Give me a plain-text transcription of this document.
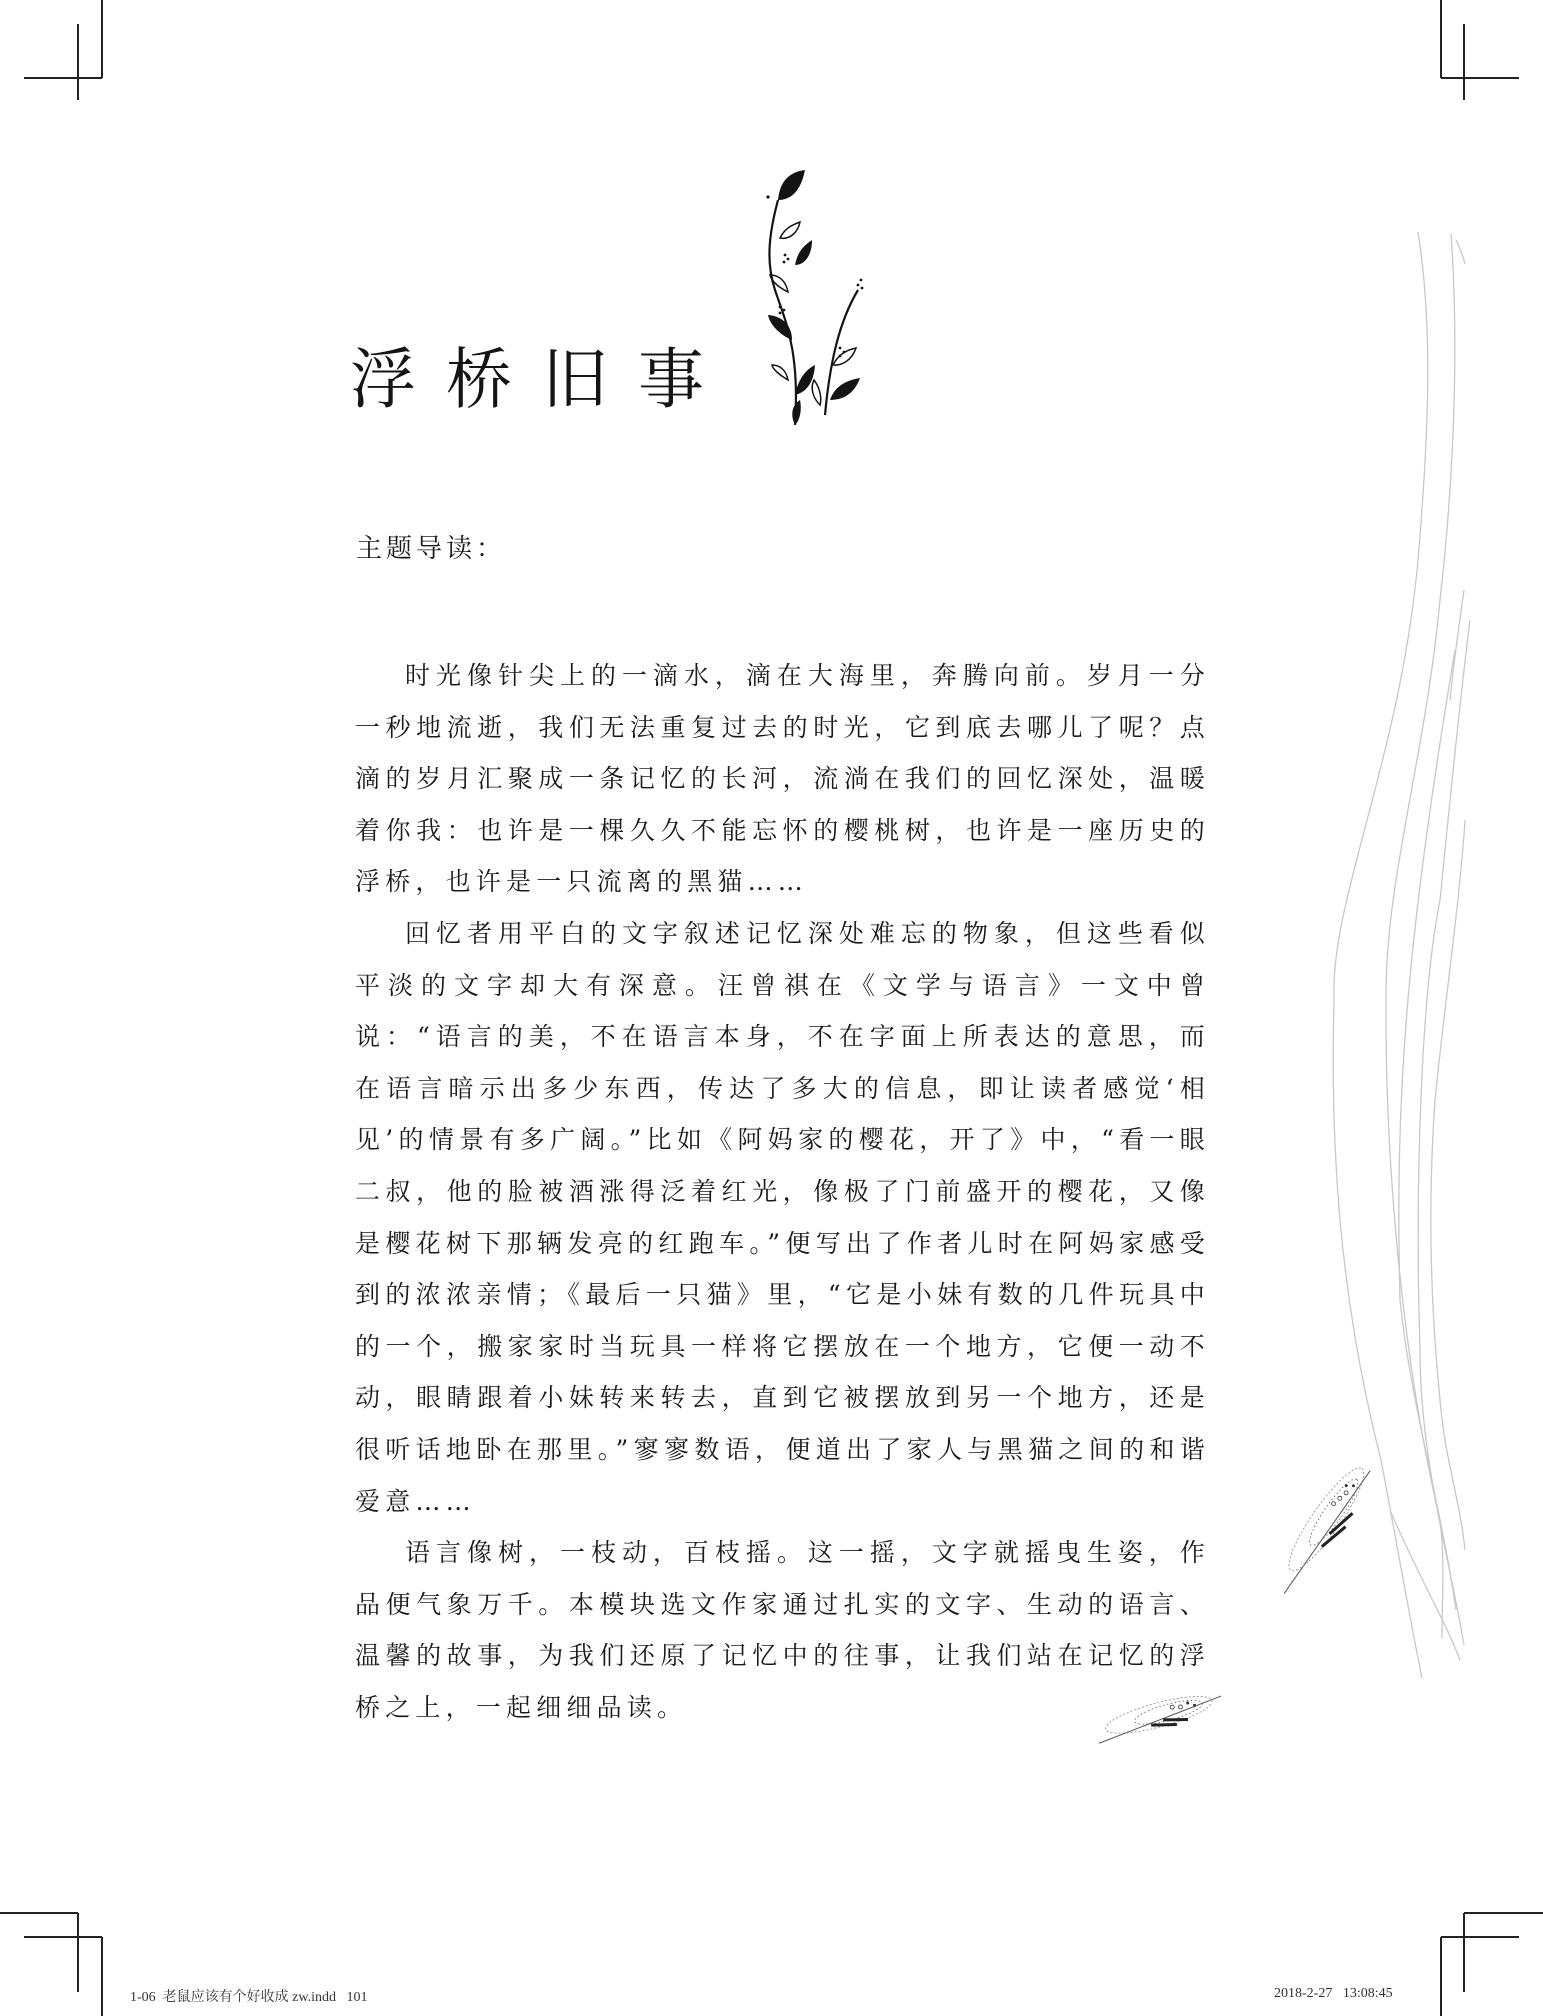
浮桥旧事
主题导读：

时光像针尖上的一滴水，滴在大海里，奔腾向前。岁月一分一秒地流逝，我们无法重复过去的时光，它到底去哪儿了呢？点滴的岁月汇聚成一条记忆的长河，流淌在我们的回忆深处，温暖着你我：也许是一棵久久不能忘怀的樱桃树，也许是一座历史的浮桥，也许是一只流离的黑猫……

回忆者用平白的文字叙述记忆深处难忘的物象，但这些看似平淡的文字却大有深意。汪曾祺在《文学与语言》一文中曾说：“语言的美，不在语言本身，不在字面上所表达的意思，而在语言暗示出多少东西，传达了多大的信息，即让读者感觉‘相见’的情景有多广阔。”比如《阿妈家的樱花，开了》中，“看一眼二叔，他的脸被酒涨得泛着红光，像极了门前盛开的樱花，又像是樱花树下那辆发亮的红跑车。”便写出了作者儿时在阿妈家感受到的浓浓亲情；《最后一只猫》里，“它是小妹有数的几件玩具中的一个，搬家家时当玩具一样将它摆放在一个地方，它便一动不动，眼睛跟着小妹转来转去，直到它被摆放到另一个地方，还是很听话地卧在那里。”寥寥数语，便道出了家人与黑猫之间的和谐爱意……

语言像树，一枝动，百枝摇。这一摇，文字就摇曳生姿，作品便气象万千。本模块选文作家通过扎实的文字、生动的语言、温馨的故事，为我们还原了记忆中的往事，让我们站在记忆的浮桥之上，一起细细品读。

1-06  老鼠应该有个好收成 zw.indd   101	2018-2-27   13:08:45
